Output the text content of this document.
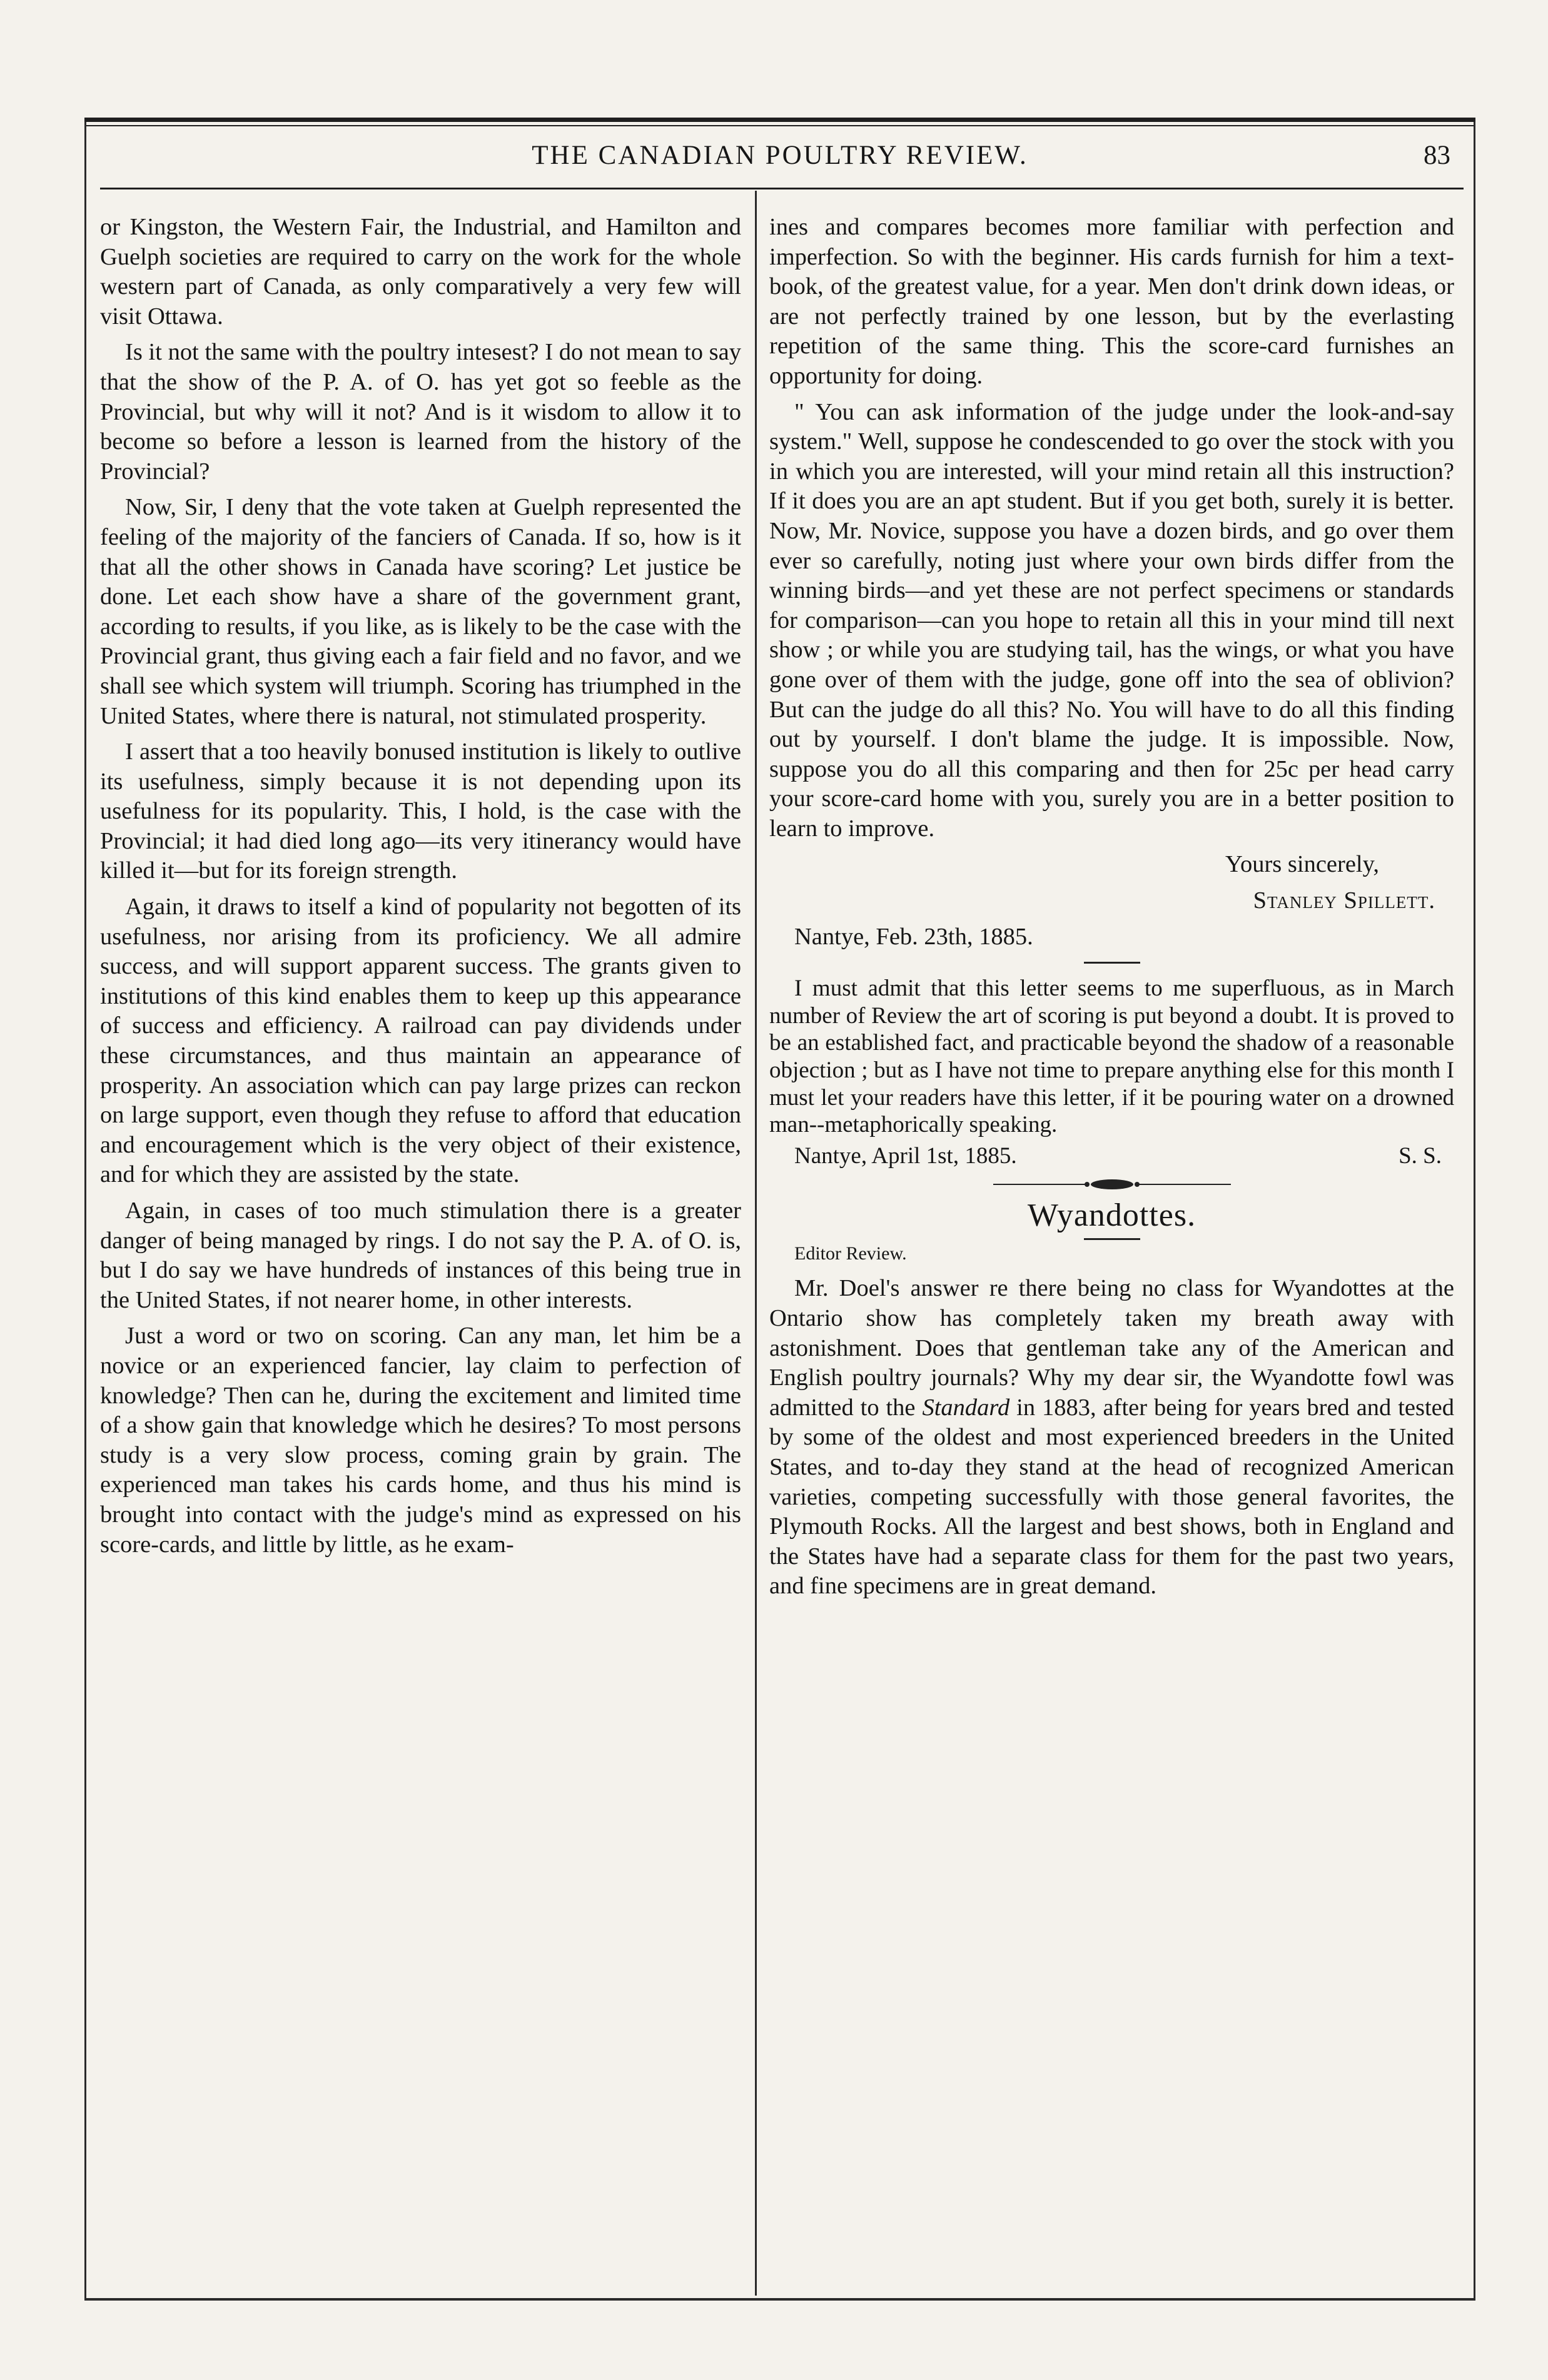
THE CANADIAN POULTRY REVIEW.	83

or Kingston, the Western Fair, the Industrial, and Hamilton and Guelph societies are required to carry on the work for the whole western part of Canada, as only comparatively a very few will visit Ottawa.

Is it not the same with the poultry intesest? I do not mean to say that the show of the P. A. of O. has yet got so feeble as the Provincial, but why will it not? And is it wisdom to allow it to become so before a lesson is learned from the history of the Provincial?

Now, Sir, I deny that the vote taken at Guelph represented the feeling of the majority of the fanciers of Canada. If so, how is it that all the other shows in Canada have scoring? Let justice be done. Let each show have a share of the government grant, according to results, if you like, as is likely to be the case with the Provincial grant, thus giving each a fair field and no favor, and we shall see which system will triumph. Scoring has triumphed in the United States, where there is natural, not stimulated prosperity.

I assert that a too heavily bonused institution is likely to outlive its usefulness, simply because it is not depending upon its usefulness for its popularity. This, I hold, is the case with the Provincial; it had died long ago—its very itinerancy would have killed it—but for its foreign strength.

Again, it draws to itself a kind of popularity not begotten of its usefulness, nor arising from its proficiency. We all admire success, and will support apparent success. The grants given to institutions of this kind enables them to keep up this appearance of success and efficiency. A railroad can pay dividends under these circumstances, and thus maintain an appearance of prosperity. An association which can pay large prizes can reckon on large support, even though they refuse to afford that education and encouragement which is the very object of their existence, and for which they are assisted by the state.

Again, in cases of too much stimulation there is a greater danger of being managed by rings. I do not say the P. A. of O. is, but I do say we have hundreds of instances of this being true in the United States, if not nearer home, in other interests.

Just a word or two on scoring. Can any man, let him be a novice or an experienced fancier, lay claim to perfection of knowledge? Then can he, during the excitement and limited time of a show gain that knowledge which he desires? To most persons study is a very slow process, coming grain by grain. The experienced man takes his cards home, and thus his mind is brought into contact with the judge's mind as expressed on his score-cards, and little by little, as he exam-

ines and compares becomes more familiar with perfection and imperfection. So with the beginner. His cards furnish for him a text-book, of the greatest value, for a year. Men don't drink down ideas, or are not perfectly trained by one lesson, but by the everlasting repetition of the same thing. This the score-card furnishes an opportunity for doing.

" You can ask information of the judge under the look-and-say system." Well, suppose he condescended to go over the stock with you in which you are interested, will your mind retain all this instruction? If it does you are an apt student. But if you get both, surely it is better. Now, Mr. Novice, suppose you have a dozen birds, and go over them ever so carefully, noting just where your own birds differ from the winning birds—and yet these are not perfect specimens or standards for comparison—can you hope to retain all this in your mind till next show ; or while you are studying tail, has the wings, or what you have gone over of them with the judge, gone off into the sea of oblivion? But can the judge do all this? No. You will have to do all this finding out by yourself. I don't blame the judge. It is impossible. Now, suppose you do all this comparing and then for 25c per head carry your score-card home with you, surely you are in a better position to learn to improve.

Yours sincerely,

Stanley Spillett.

Nantye, Feb. 23th, 1885.

I must admit that this letter seems to me superfluous, as in March number of Review the art of scoring is put beyond a doubt. It is proved to be an established fact, and practicable beyond the shadow of a reasonable objection ; but as I have not time to prepare anything else for this month I must let your readers have this letter, if it be pouring water on a drowned man--metaphorically speaking.

Nantye, April 1st, 1885.	S. S.
Wyandottes.

Editor Review.

Mr. Doel's answer re there being no class for Wyandottes at the Ontario show has completely taken my breath away with astonishment. Does that gentleman take any of the American and English poultry journals? Why my dear sir, the Wyandotte fowl was admitted to the Standard in 1883, after being for years bred and tested by some of the oldest and most experienced breeders in the United States, and to-day they stand at the head of recognized American varieties, competing successfully with those general favorites, the Plymouth Rocks. All the largest and best shows, both in England and the States have had a separate class for them for the past two years, and fine specimens are in great demand.
